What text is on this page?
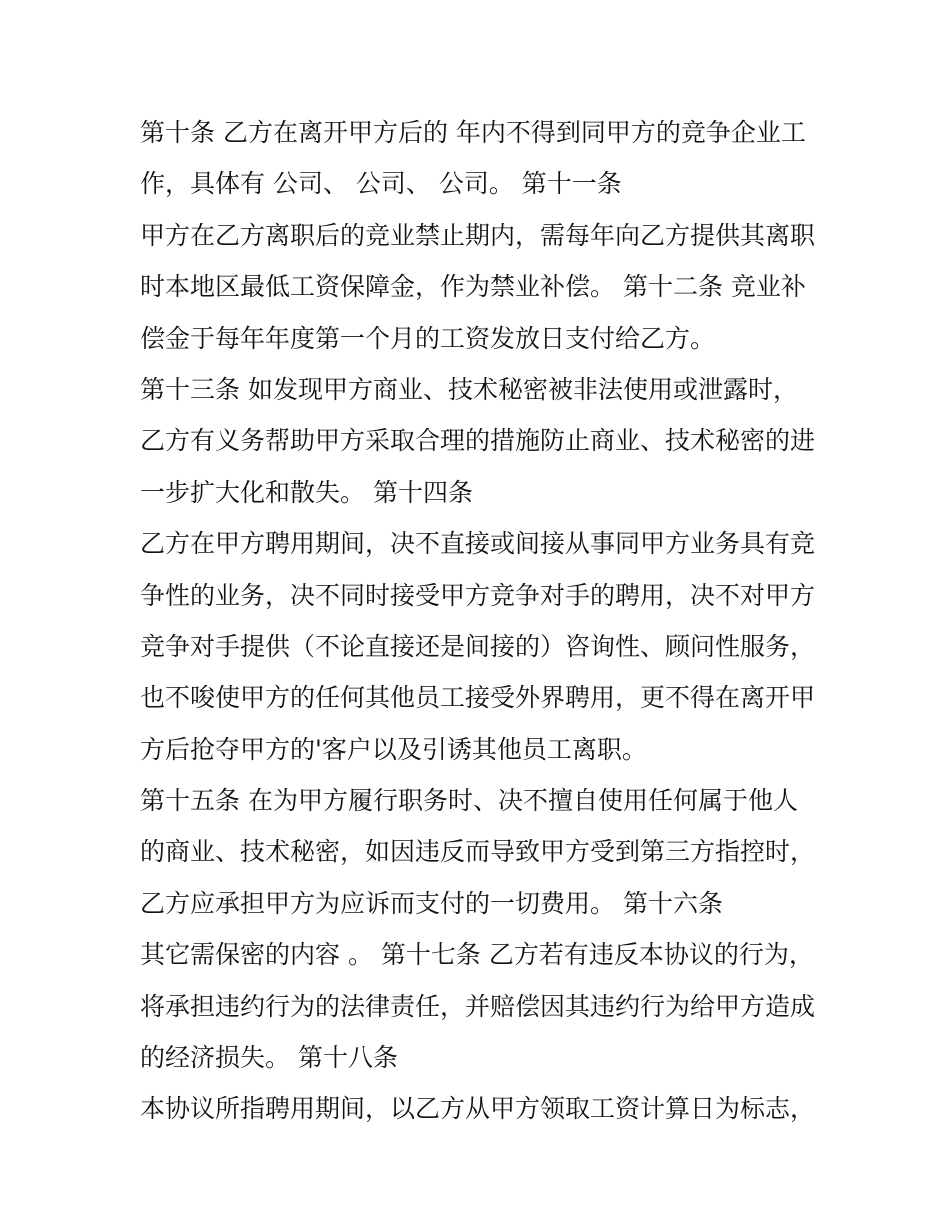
第十条 乙方在离开甲方后的 年内不得到同甲方的竞争企业工
作，具体有 公司、 公司、 公司。 第十一条
甲方在乙方离职后的竞业禁止期内，需每年向乙方提供其离职
时本地区最低工资保障金，作为禁业补偿。 第十二条 竞业补
偿金于每年年度第一个月的工资发放日支付给乙方。
第十三条 如发现甲方商业、技术秘密被非法使用或泄露时，
乙方有义务帮助甲方采取合理的措施防止商业、技术秘密的进
一步扩大化和散失。 第十四条
乙方在甲方聘用期间，决不直接或间接从事同甲方业务具有竞
争性的业务，决不同时接受甲方竞争对手的聘用，决不对甲方
竞争对手提供（不论直接还是间接的）咨询性、顾问性服务，
也不唆使甲方的任何其他员工接受外界聘用，更不得在离开甲
方后抢夺甲方的'客户以及引诱其他员工离职。
第十五条 在为甲方履行职务时、决不擅自使用任何属于他人
的商业、技术秘密，如因违反而导致甲方受到第三方指控时，
乙方应承担甲方为应诉而支付的一切费用。 第十六条
其它需保密的内容 。 第十七条 乙方若有违反本协议的行为，
将承担违约行为的法律责任，并赔偿因其违约行为给甲方造成
的经济损失。 第十八条
本协议所指聘用期间，以乙方从甲方领取工资计算日为标志，
